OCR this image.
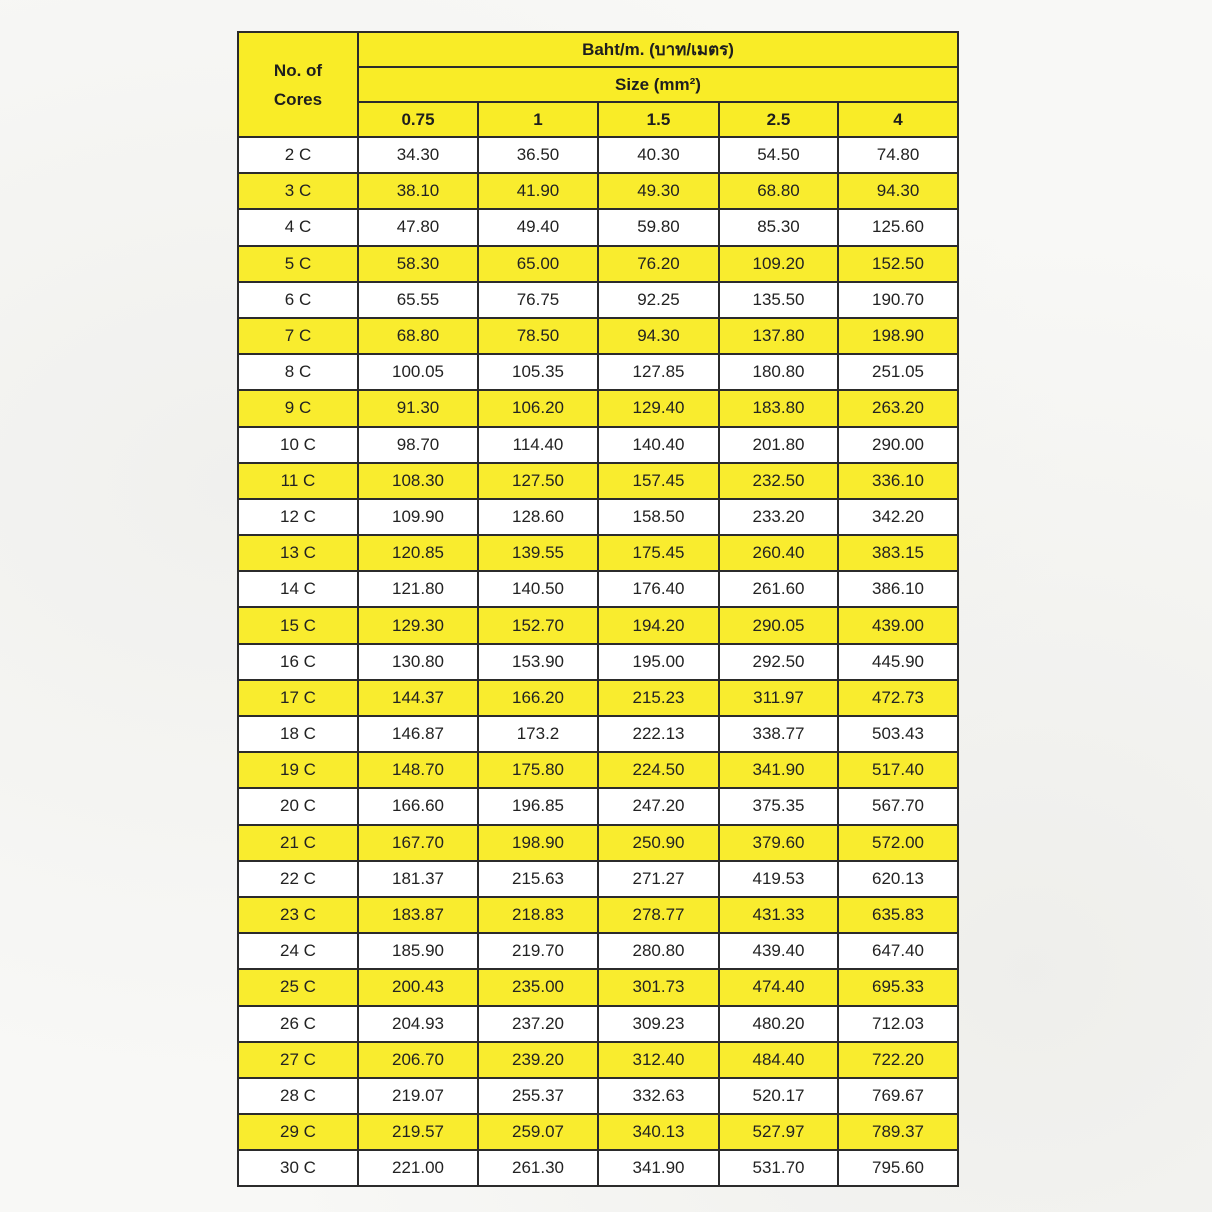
No. of
Cores	Baht/m. (บาท/เมตร)				
	Size (mm²)				
	0.75	1	1.5	2.5	4
2 C	34.30	36.50	40.30	54.50	74.80
3 C	38.10	41.90	49.30	68.80	94.30
4 C	47.80	49.40	59.80	85.30	125.60
5 C	58.30	65.00	76.20	109.20	152.50
6 C	65.55	76.75	92.25	135.50	190.70
7 C	68.80	78.50	94.30	137.80	198.90
8 C	100.05	105.35	127.85	180.80	251.05
9 C	91.30	106.20	129.40	183.80	263.20
10 C	98.70	114.40	140.40	201.80	290.00
11 C	108.30	127.50	157.45	232.50	336.10
12 C	109.90	128.60	158.50	233.20	342.20
13 C	120.85	139.55	175.45	260.40	383.15
14 C	121.80	140.50	176.40	261.60	386.10
15 C	129.30	152.70	194.20	290.05	439.00
16 C	130.80	153.90	195.00	292.50	445.90
17 C	144.37	166.20	215.23	311.97	472.73
18 C	146.87	173.2	222.13	338.77	503.43
19 C	148.70	175.80	224.50	341.90	517.40
20 C	166.60	196.85	247.20	375.35	567.70
21 C	167.70	198.90	250.90	379.60	572.00
22 C	181.37	215.63	271.27	419.53	620.13
23 C	183.87	218.83	278.77	431.33	635.83
24 C	185.90	219.70	280.80	439.40	647.40
25 C	200.43	235.00	301.73	474.40	695.33
26 C	204.93	237.20	309.23	480.20	712.03
27 C	206.70	239.20	312.40	484.40	722.20
28 C	219.07	255.37	332.63	520.17	769.67
29 C	219.57	259.07	340.13	527.97	789.37
30 C	221.00	261.30	341.90	531.70	795.60
